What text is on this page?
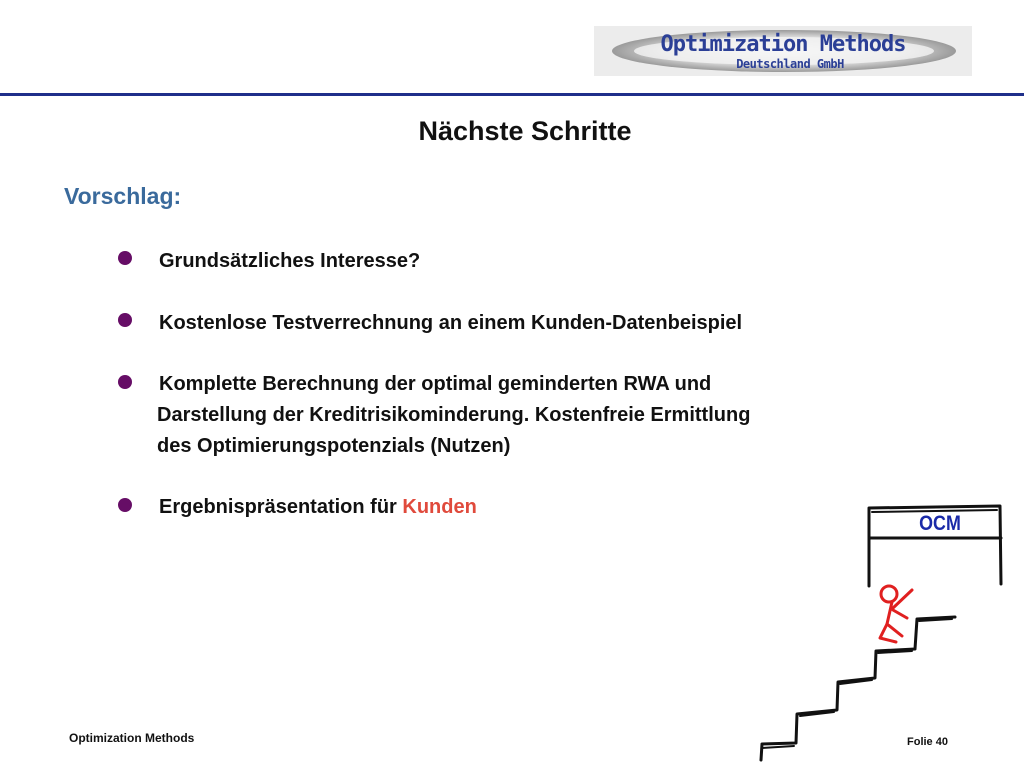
Optimization Methods
Deutschland GmbH
Nächste Schritte
Vorschlag:
Grundsätzliches Interesse?
Kostenlose Testverrechnung an einem Kunden-Datenbeispiel
Komplette Berechnung der optimal geminderten RWA und
Darstellung der Kreditrisikominderung. Kostenfreie Ermittlung
des Optimierungspotenzials (Nutzen)
Ergebnispräsentation für Kunden
OCM
Optimization Methods	Folie 40
